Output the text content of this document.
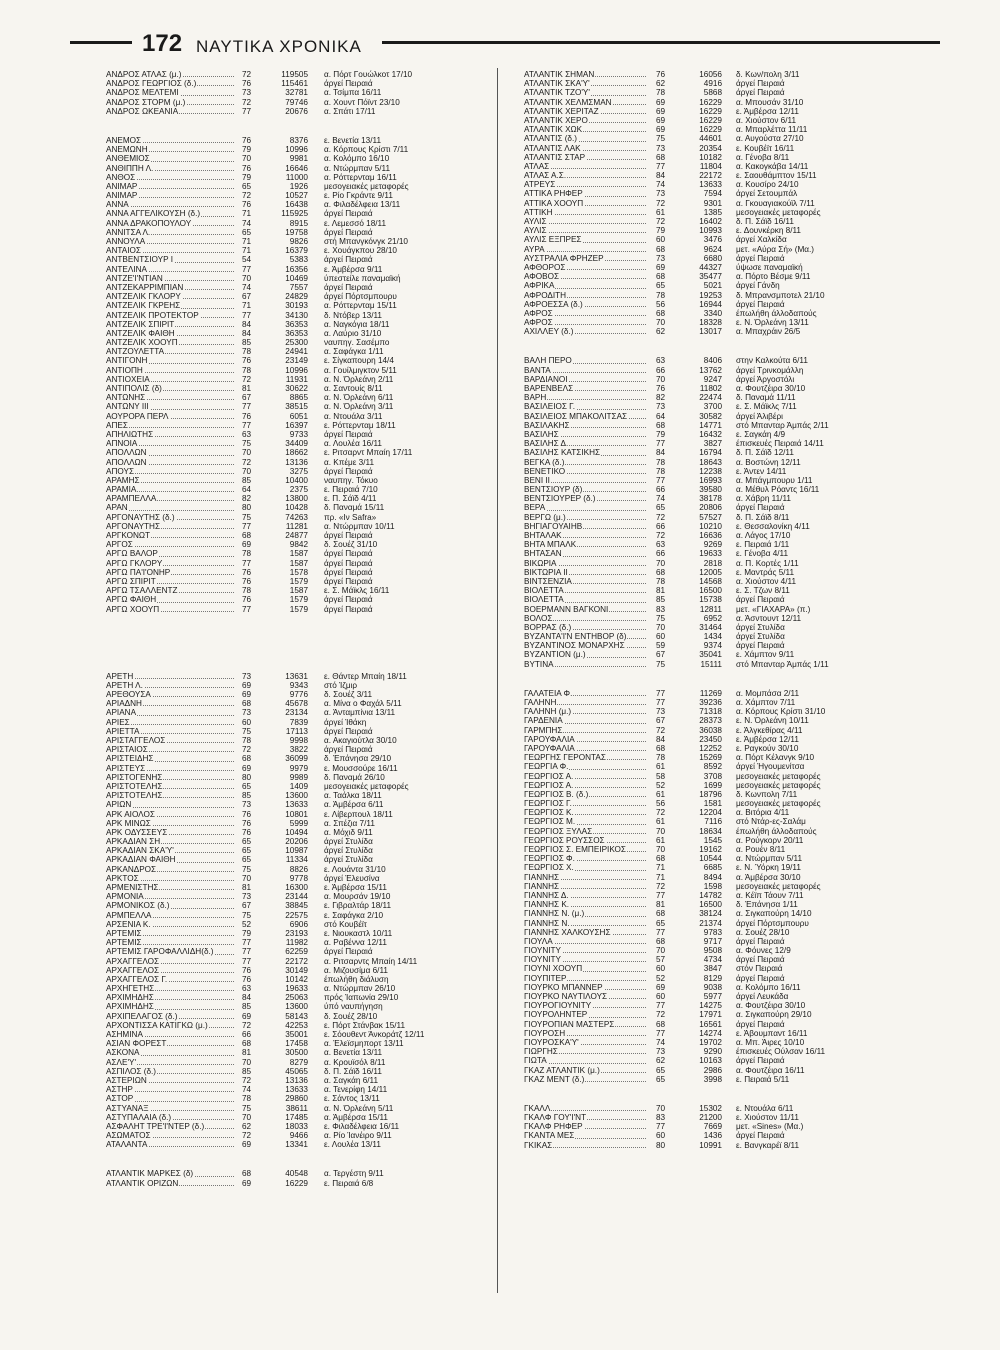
172 ΝΑΥΤΙΚΑ ΧΡΟΝΙΚΑ
ΑΝΔΡΟΣ ΑΤΛΑΣ (μ.)	72	119505 α. Πόρτ Γουώλκοτ 17/10
ΑΝΔΡΟΣ ΓΕΩΡΓΙΟΣ (δ.)	76	115461 άργεί Πειραιά
ΑΝΔΡΟΣ ΜΕΛΤΕΜΙ	73	32781 α. Τσίμπα 16/11
ΑΝΔΡΟΣ ΣΤΟΡΜ (μ.)	72	79746 α. Χουντ Πόϊντ 23/10
ΑΝΔΡΟΣ ΩΚΕΑΝΙΑ	77	20676 α. Σπάτι 17/11
ΑΝΕΜΟΣ	76	8376 ε. Βενετία 13/11
ΑΝΕΜΩΝΗ	79	10996 α. Κόρπους Κρίστι 7/11
ΑΝΘΕΜΙΟΣ	70	9981 α. Κολόμπο 16/10
ΑΝΘΙΠΠΗ Λ.	76	16646 α. Ντώρμπαν 5/11
ΑΝΘΟΣ	79	11000 α. Ρόττερνταμ 16/11
ΑΝΙΜΑΡ	65	1926 μεσογειακές μεταφορές
ΑΝΙΜΑΡ	72	10527 ε. Ρίο Γκράντε 9/11
ΑΝΝΑ	76	16438 α. Φιλαδέλφεια 13/11
ΑΝΝΑ ΑΓΓΕΛΙΚΟΥΣΗ (δ.)	71	115925 άργεί Πειραιά
ΑΝΝΑ ΔΡΑΚΟΠΟΥΛΟΥ	74	8915 ε. Λεμεσσό 18/11
ΑΝΝΙΤΣΑ Λ.	65	19758 άργεί Πειραιά
ΑΝΝΟΥΛΑ	71	9826 στή Μπανγκόνγκ 21/10
ΑΝΤΑΙΟΣ	71	16379 ε. Χουάγκπου 28/10
ΑΝΤΒΕΝΤΣΙΟΥΡ Ι	54	5383 άργεί Πειραιά
ΑΝΤΕΛΙΝΑ	77	16356 ε. Άμβέρσα 9/11
ΑΝΤΖΕ'Ι'ΝΤΙΑΝ	70	10469 ύπεστείλε παναμαϊκή
ΑΝΤΖΕΚΑΡΡΙΜΠΙΑΝ	74	7557 άργεί Πειραιά
ΑΝΤΖΕΛΙΚ ΓΚΛΟΡΥ	67	24829 άργεί Πόρτσμπουρυ
ΑΝΤΖΕΛΙΚ ΓΚΡΕΗΣ	71	30193 α. Ρόττερνταμ 15/11
ΑΝΤΖΕΛΙΚ ΠΡΟΤΕΚΤΟΡ	77	34130 δ. Ντόβερ 13/11
ΑΝΤΖΕΛΙΚ ΣΠΙΡΙΤ	84	36353 α. Ναγκόγια 18/11
ΑΝΤΖΕΛΙΚ ΦΑΙΘΗ	84	36353 α. Λαύριο 31/10
ΑΝΤΖΕΛΙΚ ΧΟΟΥΠ	85	25300 ναυπηγ. Σασέμπο
ΑΝΤΖΟΥΛΕΤΤΑ	78	24941 α. Σαφάγκα 1/11
ΑΝΤΙΓΟΝΗ	76	23149 ε. Σίγκαπουρη 14/4
ΑΝΤΙΟΠΗ	78	10996 α. Γουίλμιγκτον 5/11
ΑΝΤΙΟΧΕΙΑ	72	11931 α. Ν. Όρλεάνη 2/11
ΑΝΤΙΠΟΛΙΣ (δ)	81	30622 α. Σαντουίς 8/11
ΑΝΤΩΝΗΣ	67	8865 α. Ν. Όρλεάνη 6/11
ΑΝΤΩΝΥ ΙΙΙ	77	38515 α. Ν. Όρλεάνη 3/11
ΑΟΥΡΟΡΑ ΠΕΡΛ	76	6051 α. Ντουάλα 3/11
ΑΠΕΣ	77	16397 ε. Ρόττερνταμ 18/11
ΑΠΗΛΙΩΤΗΣ	63	9733 άργεί Πειραιά
ΑΠΝΟΙΑ	75	34409 α. Λουλέα 16/11
ΑΠΟΛΛΩΝ	70	18662 ε. Ριτσαρντ Μπαίη 17/11
ΑΠΟΛΛΩΝ	72	13136 α. Κπέμε 3/11
ΑΠΟΥΣ	70	3275 άργεί Πειραιά
ΑΡΑΜΗΣ	85	10400 ναυπηγ. Τόκυο
ΑΡΑΜΙΑ	64	2375 ε. Πειραιά 7/10
ΑΡΑΜΠΕΛΛΑ	82	13800 ε. Π. Σάϊδ 4/11
ΑΡΑΝ	80	10428 δ. Παναμά 15/11
ΑΡΓΟΝΑΥΤΗΣ (δ.)	75	74263 πρ. «Ιν Safra»
ΑΡΓΟΝΑΥΤΗΣ	77	11281 α. Ντώρμπαν 10/11
ΑΡΓΚΟΝΩΤ	68	24877 άργεί Πειραιά
ΑΡΓΟΣ	69	9842 δ. Σουέζ 31/10
ΑΡΓΩ ΒΑΛΟΡ	78	1587 άργεί Πειραιά
ΑΡΓΩ ΓΚΛΟΡΥ	77	1587 άργεί Πειραιά
ΑΡΓΩ ΠΑ'Ι'ΟΝΗΡ	76	1578 άργεί Πειραιά
ΑΡΓΩ ΣΠΙΡΙΤ	76	1579 άργεί Πειραιά
ΑΡΓΩ ΤΣΑΛΛΕΝΤΖ	78	1587 ε. Σ. Μάϊκλς 16/11
ΑΡΓΩ ΦΑΙΘΗ	76	1579 άργεί Πειραιά
ΑΡΓΩ ΧΟΟΥΠ	77	1579 άργεί Πειραιά
ΑΡΕΤΗ	73	13631 ε. Θάντερ Μπαίη 18/11
ΑΡΕΤΗ Λ.	69	9343 στό Ίζμιρ
ΑΡΕΘΟΥΣΑ	69	9776 δ. Σουέζ 3/11
ΑΡΙΑΔΝΗ	68	45678 α. Μίνα ο Φαχάλ 5/11
ΑΡΙΑΝΑ	73	23134 α. Άνταμπίνια 13/11
ΑΡΙΕΣ	60	7839 άργεί Ίθάκη
ΑΡΙΕΤΤΑ	75	17113 άργεί Πειραιά
ΑΡΙΣΤΑΓΓΕΛΟΣ	78	9998 α. Ακαγιούτλα 30/10
ΑΡΙΣΤΑΙΟΣ	72	3822 άργεί Πειραιά
ΑΡΙΣΤΕΙΔΗΣ	68	36099 δ. Έπάνησα 29/10
ΑΡΙΣΤΕΥΣ	69	9979 ε. Μουσσούρε 16/11
ΑΡΙΣΤΟΓΕΝΗΣ	80	9989 δ. Παναμά 26/10
ΑΡΙΣΤΟΤΕΛΗΣ	65	1409 μεσογειακές μεταφορές
ΑΡΙΣΤΟΤΕΛΗΣ	85	13600 α. Ταάλκα 18/11
ΑΡΙΩΝ	73	13633 α. Άμβέρσα 6/11
ΑΡΚ ΑΙΟΛΟΣ	76	10801 ε. Λίβερπουλ 18/11
ΑΡΚ ΜΙΝΩΣ	76	5999 α. Σπέζια 7/11
ΑΡΚ ΟΔΥΣΣΕΥΣ	76	10494 α. Μόχιδ 9/11
ΑΡΚΑΔΙΑΝ ΣΗ	65	20206 άργεί Στυλίδα
ΑΡΚΑΔΙΑΝ ΣΚΑ'Υ'	65	10987 άργεί Στυλίδα
ΑΡΚΑΔΙΑΝ ΦΑΙΘΗ	65	11334 άργεί Στυλίδα
ΑΡΚΑΝΔΡΟΣ	75	8826 ε. Λουάντα 31/10
ΑΡΚΤΟΣ	70	9778 άργεί Έλευσίνα
ΑΡΜΕΝΙΣΤΗΣ	81	16300 ε. Άμβέρσα 15/11
ΑΡΜΟΝΙΑ	73	23144 α. Μουρσάν 19/10
ΑΡΜΟΝΙΚΟΣ (δ.)	67	38845 ε. Γιβραλτάρ 18/11
ΑΡΜΠΕΛΛΑ	75	22575 ε. Σαφάγκα 2/10
ΑΡΣΕΝΙΑ Κ.	52	6906 στό Κουβέϊτ
ΑΡΤΕΜΙΣ	79	23193 ε. Νιουκαστλ 10/11
ΑΡΤΕΜΙΣ	77	11982 α. Ραβέννα 12/11
ΑΡΤΕΜΙΣ ΓΑΡΟΦΑΛΛΙΔΗ(δ.)	77	62259 άργεί Πειραιά
ΑΡΧΑΓΓΕΛΟΣ	77	22172 α. Ριτσαρντς Μπαίη 14/11
ΑΡΧΑΓΓΕΛΟΣ	76	30149 α. Μιζουσίμα 6/11
ΑΡΧΑΓΓΕΛΟΣ Γ.	76	10142 έπωλήθη διάλυση
ΑΡΧΗΓΕΤΗΣ	63	19633 α. Ντώρμπαν 26/10
ΑΡΧΙΜΗΔΗΣ	84	25063 πρός Ίαπωνία 29/10
ΑΡΧΙΜΗΔΗΣ	85	13600 ύπό ναυπήγηση
ΑΡΧΙΠΕΛΑΓΟΣ (δ.)	69	58143 δ. Σουέζ 28/10
ΑΡΧΟΝΤΙΣΣΑ ΚΑΤΙΓΚΩ (μ.)	72	42253 ε. Πόρτ Στάνβακ 15/11
ΑΣΗΜΙΝΑ	66	35001 ε. Σόουθεντ Άνκοράτζ 12/11
ΑΣΙΑΝ ΦΟΡΕΣΤ	68	17458 α. Έλεϊσμηπορτ 13/11
ΑΣΚΟΝΑ	81	30500 α. Βενετία 13/11
ΑΣΛΕ'Υ'	70	8279 α. Κρουϊσόλ 8/11
ΑΣΠΙΛΟΣ (δ.)	85	45065 δ. Π. Σάϊδ 16/11
ΑΣΤΕΡΙΩΝ	72	13136 α. Σαγκάη 6/11
ΑΣΤΗΡ	74	13633 α. Τενερίφη 14/11
ΑΣΤΟΡ	78	29860 ε. Σάντος 13/11
ΑΣΤΥΑΝΑΞ	75	38611 α. Ν. Όρλεάνη 5/11
ΑΣΤΥΠΑΛΑΙΑ (δ.)	70	17485 α. Άμβέρσα 15/11
ΑΣΦΑΛΗΤ ΤΡΕ'Ι'ΝΤΕΡ (δ.)	62	18033 ε. Φιλαδέλφεια 16/11
ΑΣΩΜΑΤΟΣ	72	9466 α. Ρίο Ίανέιρο 9/11
ΑΤΑΛΑΝΤΑ	69	13341 ε. Λουλέα 13/11
ΑΤΛΑΝΤΙΚ ΜΑΡΚΕΣ (δ)	68	40548 α. Τεργέστη 9/11
ΑΤΛΑΝΤΙΚ ΟΡΙΖΩΝ	69	16229 ε. Πειραιά 6/8
ΑΤΛΑΝΤΙΚ ΣΗΜΑΝ	76	16056 δ. Κων/πολη 3/11
ΑΤΛΑΝΤΙΚ ΣΚΑ'Υ'	62	4916 άργεί Πειραιά
ΑΤΛΑΝΤΙΚ ΤΖΟ'Υ'	78	5868 άργεί Πειραιά
ΑΤΛΑΝΤΙΚ ΧΕΛΜΣΜΑΝ	69	16229 α. Μπουσάν 31/10
ΑΤΛΑΝΤΙΚ ΧΕΡΙΤΑΖ	69	16229 ε. Άμβέρσα 12/11
ΑΤΛΑΝΤΙΚ ΧΕΡΟ	69	16229 α. Χιούστον 6/11
ΑΤΛΑΝΤΙΚ ΧΩΚ	69	16229 α. Μπαρλέττα 11/11
ΑΤΛΑΝΤΙΣ (δ.)	75	44601 α. Αυγούστα 27/10
ΑΤΛΑΝΤΙΣ ΛΑΚ	73	20354 ε. Κουβέϊτ 16/11
ΑΤΛΑΝΤΙΣ ΣΤΑΡ	68	10182 α. Γένοβα 8/11
ΑΤΛΑΣ	77	11804 α. Κακογκάβα 14/11
ΑΤΛΑΣ Α.Σ.	84	22172 ε. Σαουθάμπτον 15/11
ΑΤΡΕΥΣ	74	13633 α. Κουσίρο 24/10
ΑΤΤΙΚΑ ΡΗΦΕΡ	73	7594 άργεί Σετουμπάλ
ΑΤΤΙΚΑ ΧΟΟΥΠ	72	9301 α. Γκουαγιακούϊλ 7/11
ΑΤΤΙΚΗ	61	1385 μεσογειακές μεταφορές
ΑΥΛΙΣ	72	16402 δ. Π. Σάϊδ 16/11
ΑΥΛΙΣ	79	10993 ε. Δουνκέρκη 8/11
ΑΥΛΙΣ ΕΞΠΡΕΣ	60	3476 άργεί Χαλκίδα
ΑΥΡΑ	68	9624 μετ. «Αύρα Σή» (Μα.)
ΑΥΣΤΡΑΛΙΑ ΦΡΗΖΕΡ	73	6680 άργεί Πειραιά
ΑΦΘΟΡΟΣ	69	44327 ύψωσε παναμαϊκή
ΑΦΟΒΟΣ	68	35477 α. Πόρτο Βέσμε 9/11
ΑΦΡΙΚΑ	65	5021 άργεί Γάνδη
ΑΦΡΟΔΙΤΗ	78	19253 δ. Μπρανσμποτελ 21/10
ΑΦΡΟΕΣΣΑ (δ.)	56	16944 άργεί Πειραιά
ΑΦΡΟΣ	68	3340 έπωλήθη άλλοδαπούς
ΑΦΡΟΣ	70	18328 ε. Ν. Όρλεάνη 13/11
ΑΧΙΛΛΕΥ (δ.)	62	13017 α. Μπαχράιν 26/5
ΒΑΛΗ ΠΕΡΟ	63	8406 στην Καλκούτα 6/11
ΒΑΝΤΑ	66	13762 άργεί Τρινκομάλλη
ΒΑΡΔΙΑΝΟΙ	70	9247 άργεί Άργοστόλι
ΒΑΡΕΝΒΕΛΣ	76	11802 α. Φουτζέιρα 30/10
ΒΑΡΗ	82	22474 δ. Παναμά 11/11
ΒΑΣΙΛΕΙΟΣ Γ.	73	3700 ε. Σ. Μάϊκλς 7/11
ΒΑΣΙΛΕΙΟΣ ΜΠΑΚΟΛΙΤΣΑΣ	64	30582 άργεί Άλιβέρι
ΒΑΣΙΛΑΚΗΣ	68	14771 στό Μπανταρ Άμπάς 2/11
ΒΑΣΙΛΗΣ	79	16432 ε. Σαγκάη 4/9
ΒΑΣΙΛΗΣ Δ.	77	3827 έπισκευές Πειραιά 14/11
ΒΑΣΙΛΗΣ ΚΑΤΣΙΚΗΣ	84	16794 δ. Π. Σάϊδ 12/11
ΒΕΓΚΑ (δ.)	78	18643 α. Βοστώνη 12/11
ΒΕΝΕΤΙΚΟ	78	12238 ε. Άντεν 14/11
ΒΕΝΙ ΙΙ	77	16993 α. Μπάγμπουρυ 1/11
ΒΕΝΤΣΙΟΥΡ (δ)	66	39580 α. Μέθυλ Ρόαντς 16/11
ΒΕΝΤΣΙΟΥΡΕΡ (δ.)	74	38178 α. Χάβρη 11/11
ΒΕΡΑ	65	20806 άργεί Πειραιά
ΒΕΡΓΩ (μ.)	72	57527 δ. Π. Σάϊδ 8/11
ΒΗΓΙΑΓΟΥΑΙΗΒ	66	10210 ε. Θεσσαλονίκη 4/11
ΒΗΤΑΛΑΚ	72	16636 α. Λάγος 17/10
ΒΗΤΑ ΜΠΑΛΚ	63	9269 ε. Πειραιά 1/11
ΒΗΤΑΣΑΝ	66	19633 ε. Γένοβα 4/11
ΒΙΚΩΡΙΑ	70	2818 α. Π. Κορτές 1/11
ΒΙΚΤΩΡΙΑ ΙΙ	68	12005 ε. Μαντράς 5/11
ΒΙΝΤΣΕΝΖΙΑ	78	14568 α. Χιούστον 4/11
ΒΙΟΛΕΤΤΑ	81	16500 ε. Σ. Τζων 8/11
ΒΙΟΛΕΤΤΑ	85	15738 άργεί Πειραιά
ΒΟΕΡΜΑΝΝ ΒΑΓΚΟΝΙ	83	12811 μετ. «ΓΙΑΧΑΡΑ» (π.)
ΒΟΛΟΣ	75	6952 α. Άσντουντ 12/11
ΒΟΡΡΑΣ (δ.)	70	31464 άργεί Στυλίδα
ΒΥΖΑΝΤΑ'Ι'Ν ΕΝΤΗΒΟΡ (δ)	60	1434 άργεί Στυλίδα
ΒΥΖΑΝΤΙΝΟΣ ΜΟΝΑΡΧΗΣ	59	9374 άργεί Πειραιά
ΒΥΖΑΝΤΙΟΝ (μ.)	67	35041 ε. Χάμπτον 9/11
ΒΥΤΙΝΑ	75	15111 στό Μπανταρ Άμπάς 1/11
ΓΑΛΑΤΕΙΑ Φ.	77	11269 α. Μομπάσα 2/11
ΓΑΛΗΝΗ	77	39236 α. Χάμπτον 7/11
ΓΑΛΗΝΗ (μ.)	73	71318 α. Κόρπους Κρίστι 31/10
ΓΑΡΔΕΝΙΑ	67	28373 ε. Ν. Όρλεάνη 10/11
ΓΑΡΜΠΗΣ	72	36038 ε. Άλγκεθίρας 4/11
ΓΑΡΟΥΦΑΛΙΑ	84	23450 ε. Άμβέρσα 12/11
ΓΑΡΟΥΦΑΛΙΑ	68	12252 ε. Ραγκούν 30/10
ΓΕΩΡΓΗΣ ΓΕΡΟΝΤΑΣ	78	15269 α. Πόρτ Κέλανγκ 9/10
ΓΕΩΡΓΙΑ Φ.	61	8592 άργεί Ήγουμενίτσα
ΓΕΩΡΓΙΟΣ Α.	58	3708 μεσογειακές μεταφορές
ΓΕΩΡΓΙΟΣ Α.	52	1699 μεσογειακές μεταφορές
ΓΕΩΡΓΙΟΣ Β. (δ.)	61	18796 δ. Κωνπολη 7/11
ΓΕΩΡΓΙΟΣ Γ.	56	1581 μεσογειακές μεταφορές
ΓΕΩΡΓΙΟΣ Κ.	72	12204 α. Βιτόρια 4/11
ΓΕΩΡΓΙΟΣ Μ.	61	7116 στό Ντάρ-ες-Σαλάμ
ΓΕΩΡΓΙΟΣ ΞΥΛΑΣ	70	18634 έπωλήθη άλλοδαπούς
ΓΕΩΡΓΙΟΣ ΡΟΥΣΣΟΣ	61	1545 α. Ρούγκορν 20/11
ΓΕΩΡΓΙΟΣ Σ. ΕΜΠΕΙΡΙΚΟΣ	70	19162 α. Ρουέν 8/11
ΓΕΩΡΓΙΟΣ Φ.	68	10544 α. Ντώρμπαν 5/11
ΓΕΩΡΓΙΟΣ Χ.	71	6685 ε. Ν. Ύόρκη 19/11
ΓΙΑΝΝΗΣ	71	8494 α. Άμβέρσα 30/10
ΓΙΑΝΝΗΣ	72	1598 μεσογειακές μεταφορές
ΓΙΑΝΝΗΣ Δ.	77	14782 α. Κέϊπ Τάουν 7/11
ΓΙΑΝΝΗΣ Κ.	81	16500 δ. Έπάνησα 1/11
ΓΙΑΝΝΗΣ Ν. (μ.)	68	38124 α. Σιγκαπούρη 14/10
ΓΙΑΝΝΗΣ Ν.	65	21374 άργεί Πόρτσμπουρυ
ΓΙΑΝΝΗΣ ΧΑΛΚΟΥΣΗΣ	77	9783 α. Σουέζ 28/10
ΓΙΟΥΛΑ	68	9717 άργεί Πειραιά
ΓΙΟΥΝΙΤΥ	70	9508 α. Φόυνες 12/9
ΓΙΟΥΝΙΤΥ	57	4734 άργεί Πειραιά
ΓΙΟΥΝΙ ΧΟΟΥΠ	60	3847 στόν Πειραιά
ΓΙΟΥΠΙΤΕΡ	52	8129 άργεί Πειραιά
ΓΙΟΥΡΚΟ ΜΠΑΝΝΕΡ	69	9038 α. Κολόμπο 16/11
ΓΙΟΥΡΚΟ ΝΑΥΤΙΛΟΥΣ	60	5977 άργεί Λευκάδα
ΓΙΟΥΡΟΓΙΟΥΝΙΤΥ	77	14275 α. Φουτζέιρα 30/10
ΓΙΟΥΡΟΛΗΝΤΕΡ	72	17971 α. Σιγκαπούρη 29/10
ΓΙΟΥΡΟΠΙΑΝ ΜΑΣΤΕΡΣ	68	16561 άργεί Πειραιά
ΓΙΟΥΡΟΣΗ	77	14274 ε. Άβουμπαντ 16/11
ΓΙΟΥΡΟΣΚΑ'Υ'	74	19702 α. Μπ. Άιρες 10/10
ΓΙΩΡΓΗΣ	73	9290 έπισκευές Ούλσαν 16/11
ΓΙΩΤΑ	62	10163 άργεί Πειραιά
ΓΚΑΖ ΑΤΛΑΝΤΙΚ (μ.)	65	2986 α. Φουτζέιρα 16/11
ΓΚΑΖ ΜΕΝΤ (δ.)	65	3998 ε. Πειραιά 5/11
ΓΚΑΛΛ	70	15302 ε. Ντουάλα 6/11
ΓΚΑΛΦ ΓΟΥ'Ι'ΝΤ	83	21200 ε. Χιούστον 11/11
ΓΚΑΛΦ ΡΗΦΕΡ	77	7669 μετ. «Sines» (Μα.)
ΓΚΑΝΤΑ ΜΕΣ	60	1436 άργεί Πειραιά
ΓΚΙΚΑΣ	80	10991 ε. Βανγκαρέϊ 8/11
